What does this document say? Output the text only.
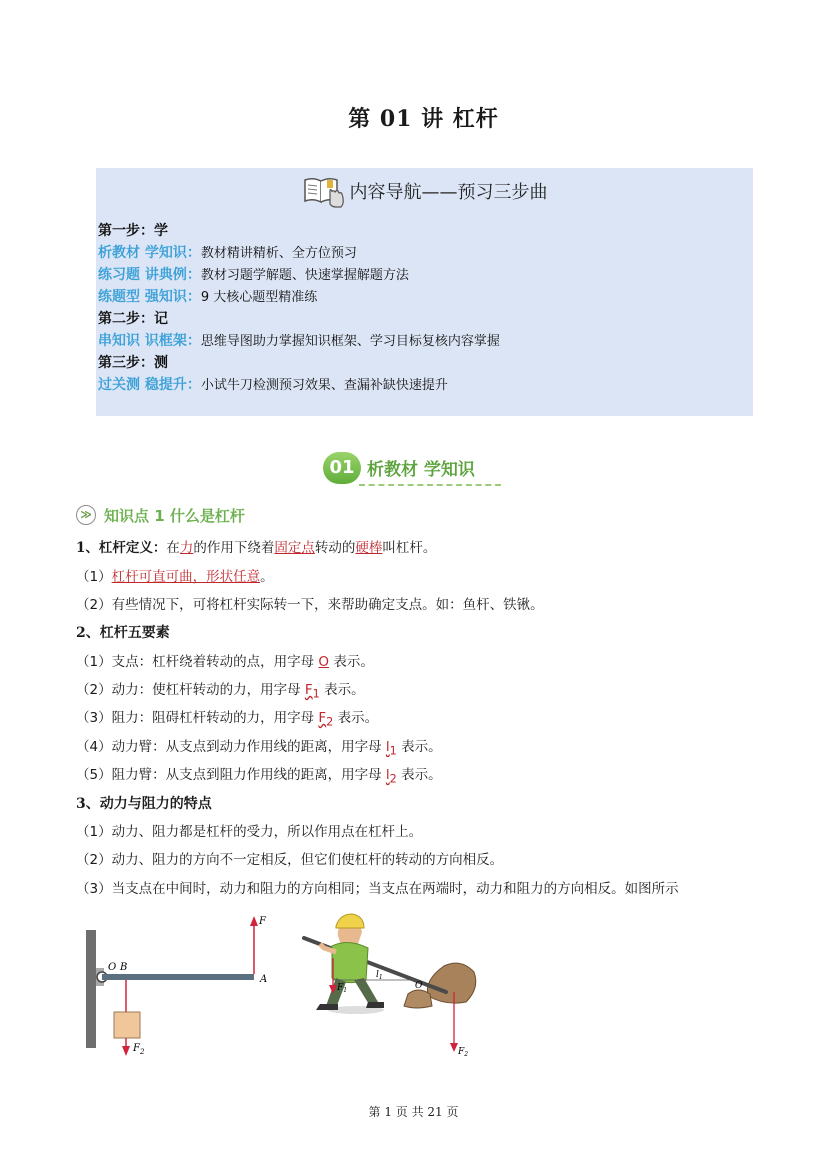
第 01 讲 杠杆
内容导航——预习三步曲
第一步：学
析教材 学知识：教材精讲精析、全方位预习
练习题 讲典例：教材习题学解题、快速掌握解题方法
练题型 强知识：9 大核心题型精准练
第二步：记
串知识 识框架：思维导图助力掌握知识框架、学习目标复核内容掌握
第三步：测
过关测 稳提升：小试牛刀检测预习效果、查漏补缺快速提升
01 析教材 学知识
≫ 知识点 1 什么是杠杆
1、杠杆定义：在力的作用下绕着固定点转动的硬棒叫杠杆。
（1）杠杆可直可曲，形状任意。
（2）有些情况下，可将杠杆实际转一下，来帮助确定支点。如：鱼杆、铁锹。
2、杠杆五要素
（1）支点：杠杆绕着转动的点，用字母 O 表示。
（2）动力：使杠杆转动的力，用字母 $F_1$ 表示。
（3）阻力：阻碍杠杆转动的力，用字母 $F_2$ 表示。
（4）动力臂：从支点到动力作用线的距离，用字母 $l_1$ 表示。
（5）阻力臂：从支点到阻力作用线的距离，用字母 $l_2$ 表示。
3、动力与阻力的特点
（1）动力、阻力都是杠杆的受力，所以作用点在杠杆上。
（2）动力、阻力的方向不一定相反，但它们使杠杆的转动的方向相反。
（3）当支点在中间时，动力和阻力的方向相同；当支点在两端时，动力和阻力的方向相反。如图所示
O B
A
F
$F_2$
$F_1$
$l_1$
O
$F_2$
第 1 页 共 21 页
